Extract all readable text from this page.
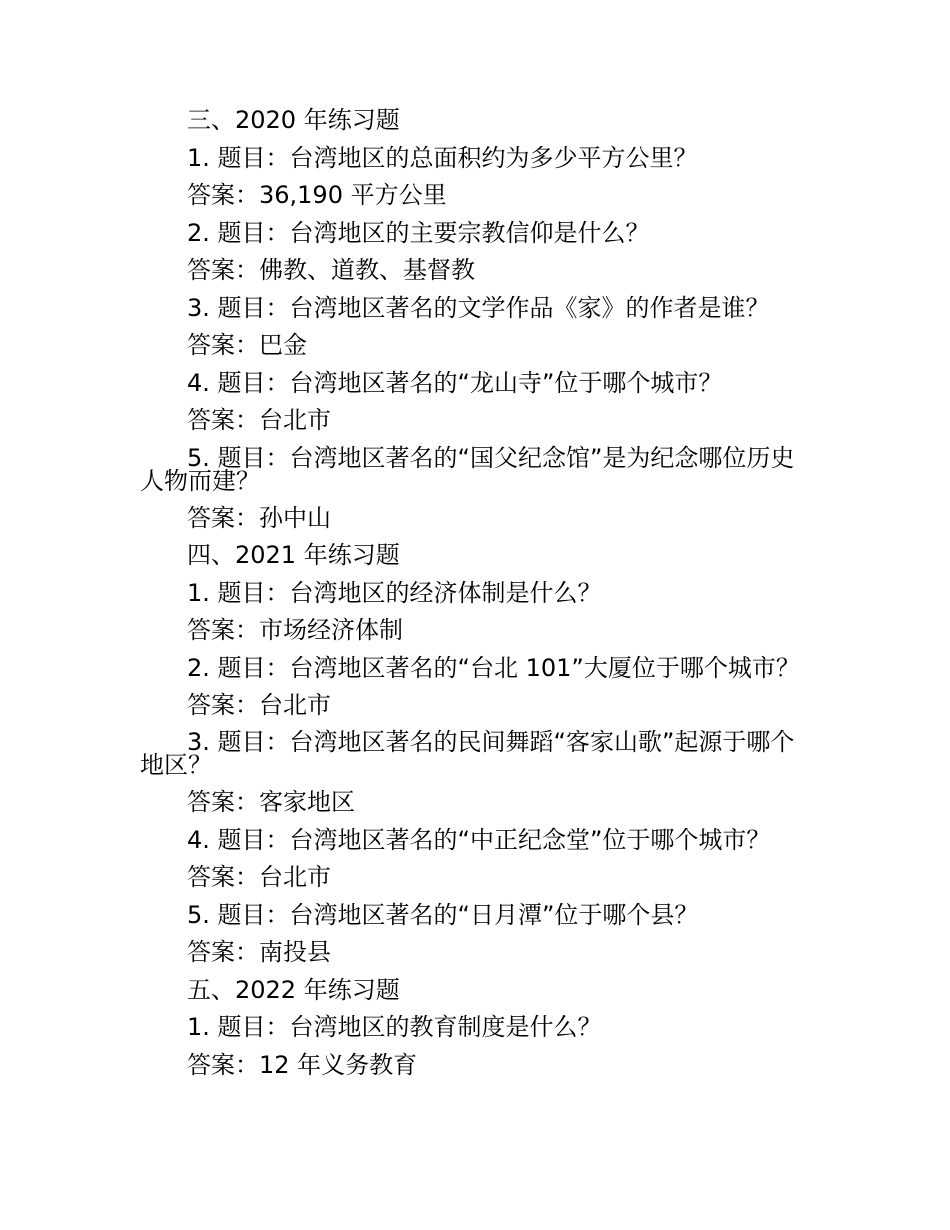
三、2020 年练习题

1. 题目：台湾地区的总面积约为多少平方公里？

答案：36,190 平方公里

2. 题目：台湾地区的主要宗教信仰是什么？

答案：佛教、道教、基督教

3. 题目：台湾地区著名的文学作品《家》的作者是谁？

答案：巴金

4. 题目：台湾地区著名的“龙山寺”位于哪个城市？

答案：台北市

5. 题目：台湾地区著名的“国父纪念馆”是为纪念哪位历史人物而建？

答案：孙中山

四、2021 年练习题

1. 题目：台湾地区的经济体制是什么？

答案：市场经济体制

2. 题目：台湾地区著名的“台北 101”大厦位于哪个城市？

答案：台北市

3. 题目：台湾地区著名的民间舞蹈“客家山歌”起源于哪个地区？

答案：客家地区

4. 题目：台湾地区著名的“中正纪念堂”位于哪个城市？

答案：台北市

5. 题目：台湾地区著名的“日月潭”位于哪个县？

答案：南投县

五、2022 年练习题

1. 题目：台湾地区的教育制度是什么？

答案：12 年义务教育
